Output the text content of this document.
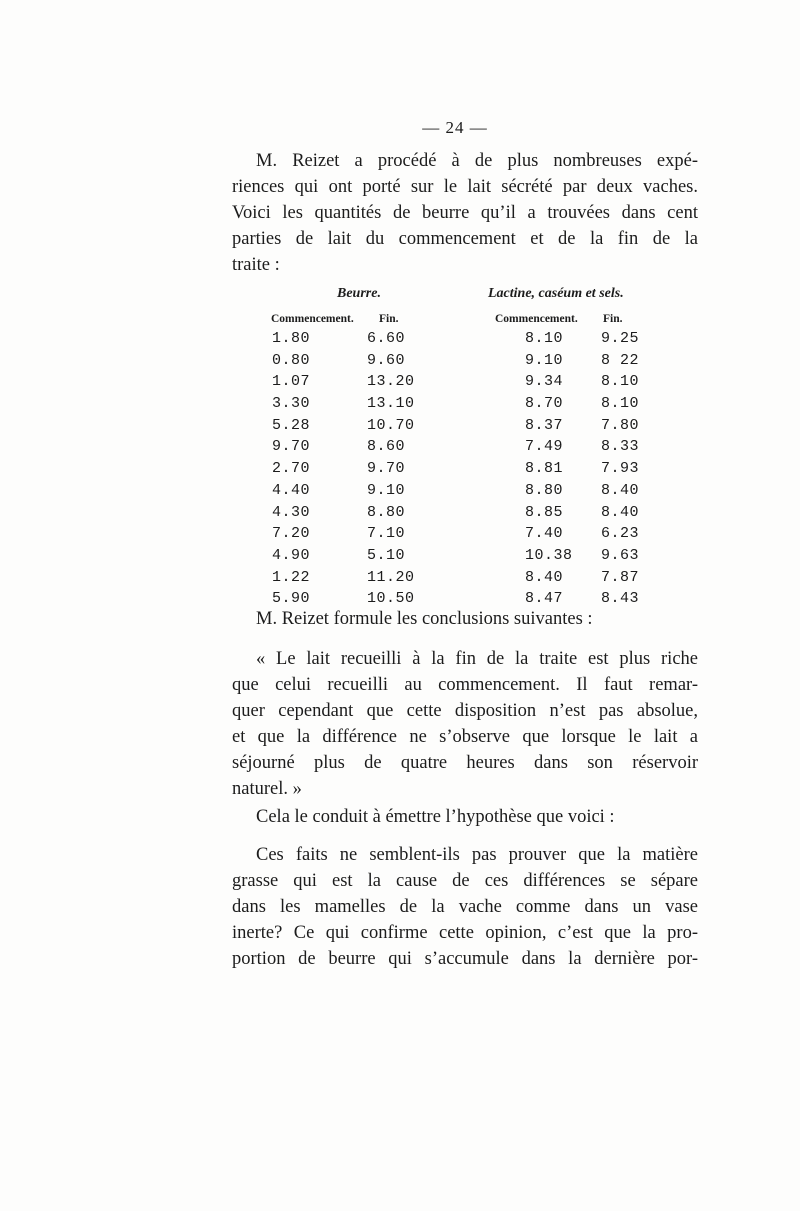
— 24 —

M. Reizet a procédé à de plus nombreuses expé-
riences qui ont porté sur le lait sécrété par deux vaches.
Voici les quantités de beurre qu’il a trouvées dans cent
parties de lait du commencement et de la fin de la
traite :

Beurre.	Lactine, caséum et sels.
Commencement. Fin.	Commencement. Fin.
1.80	6.60	8.10	9.25
0.80	9.60	9.10	8 22
1.07	13.20	9.34	8.10
3.30	13.10	8.70	8.10
5.28	10.70	8.37	7.80
9.70	8.60	7.49	8.33
2.70	9.70	8.81	7.93
4.40	9.10	8.80	8.40
4.30	8.80	8.85	8.40
7.20	7.10	7.40	6.23
4.90	5.10	10.38 9.63
1.22	11.20	8.40	7.87
5.90	10.50	8.47	8.43

M. Reizet formule les conclusions suivantes :

« Le lait recueilli à la fin de la traite est plus riche
que celui recueilli au commencement. Il faut remar-
quer cependant que cette disposition n’est pas absolue,
et que la différence ne s’observe que lorsque le lait a
séjourné plus de quatre heures dans son réservoir
naturel. »

Cela le conduit à émettre l’hypothèse que voici :

Ces faits ne semblent-ils pas prouver que la matière
grasse qui est la cause de ces différences se sépare
dans les mamelles de la vache comme dans un vase
inerte? Ce qui confirme cette opinion, c’est que la pro-
portion de beurre qui s’accumule dans la dernière por-
